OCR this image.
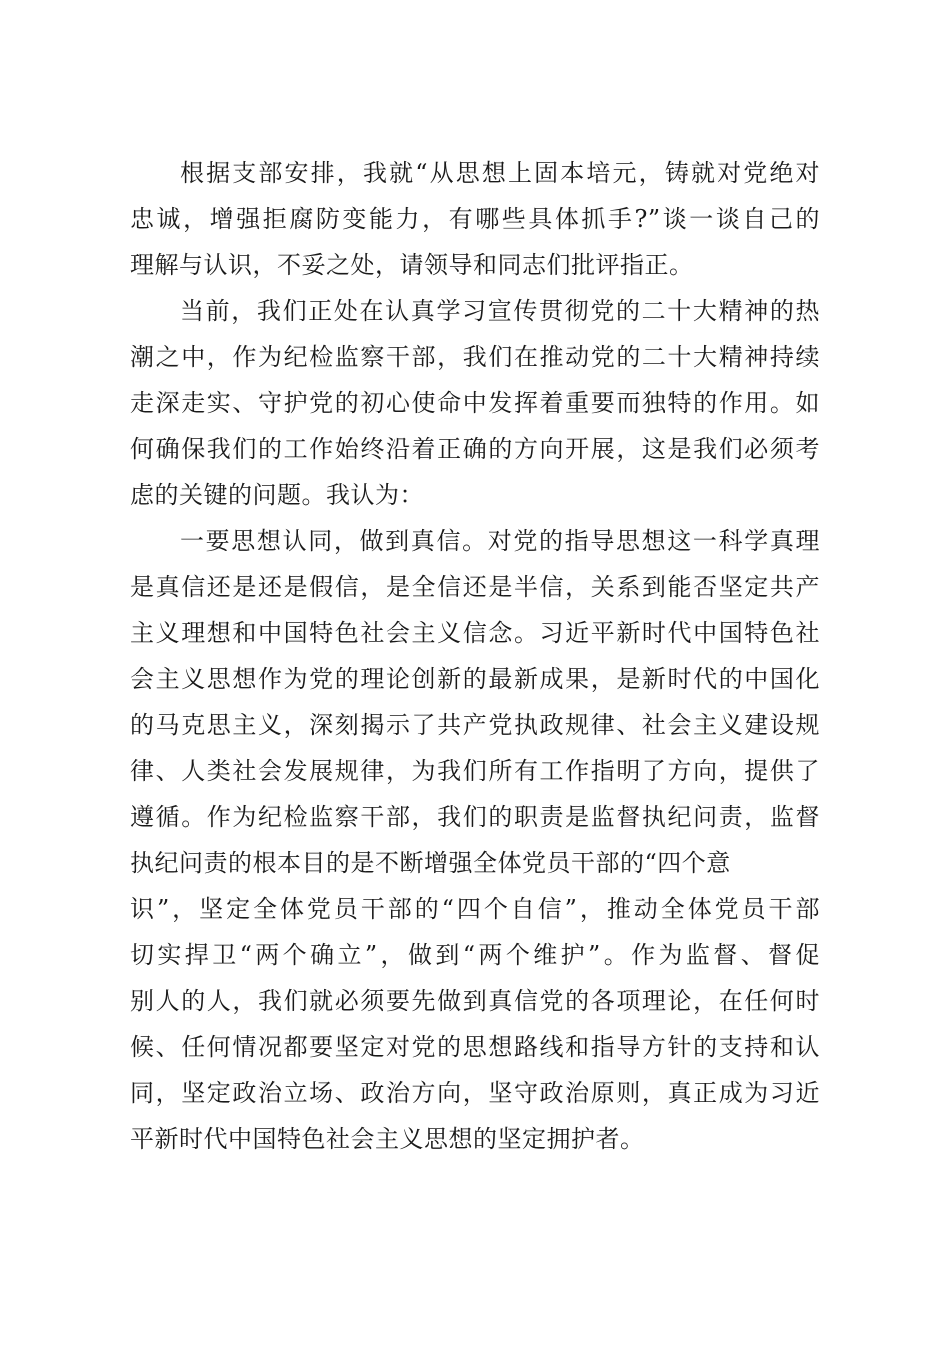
根据支部安排，我就“从思想上固本培元，铸就对党绝对
忠诚，增强拒腐防变能力，有哪些具体抓手?”谈一谈自己的
理解与认识，不妥之处，请领导和同志们批评指正。
当前，我们正处在认真学习宣传贯彻党的二十大精神的热
潮之中，作为纪检监察干部，我们在推动党的二十大精神持续
走深走实、守护党的初心使命中发挥着重要而独特的作用。如
何确保我们的工作始终沿着正确的方向开展，这是我们必须考
虑的关键的问题。我认为：
一要思想认同，做到真信。对党的指导思想这一科学真理
是真信还是还是假信，是全信还是半信，关系到能否坚定共产
主义理想和中国特色社会主义信念。习近平新时代中国特色社
会主义思想作为党的理论创新的最新成果，是新时代的中国化
的马克思主义，深刻揭示了共产党执政规律、社会主义建设规
律、人类社会发展规律，为我们所有工作指明了方向，提供了
遵循。作为纪检监察干部，我们的职责是监督执纪问责，监督
执纪问责的根本目的是不断增强全体党员干部的“四个意
识”，坚定全体党员干部的“四个自信”，推动全体党员干部
切实捍卫“两个确立”，做到“两个维护”。作为监督、督促
别人的人，我们就必须要先做到真信党的各项理论，在任何时
候、任何情况都要坚定对党的思想路线和指导方针的支持和认
同，坚定政治立场、政治方向，坚守政治原则，真正成为习近
平新时代中国特色社会主义思想的坚定拥护者。
